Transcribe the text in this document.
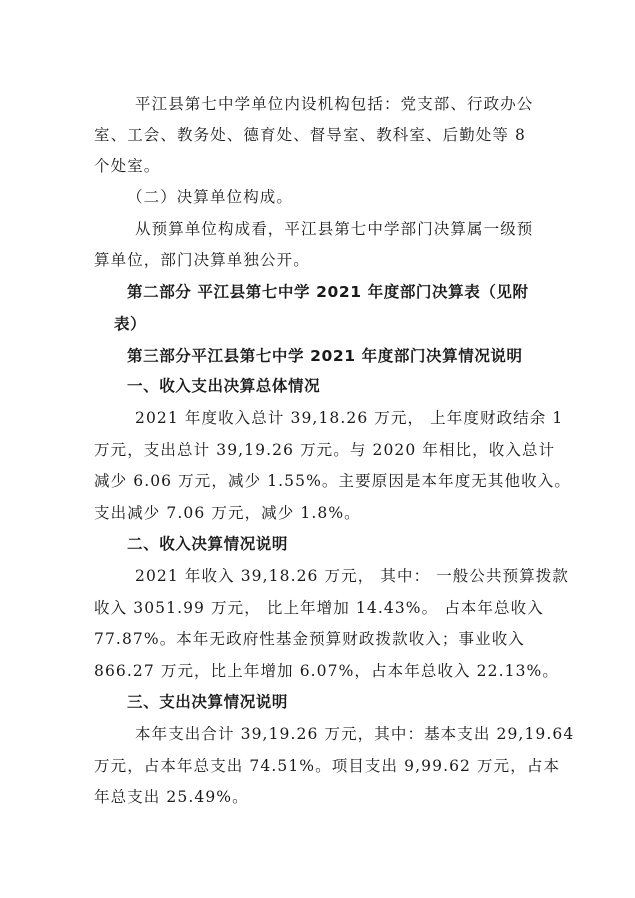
平江县第七中学单位内设机构包括：党支部、行政办公
室、工会、教务处、德育处、督导室、教科室、后勤处等 8
个处室。
（二）决算单位构成。
从预算单位构成看，平江县第七中学部门决算属一级预
算单位，部门决算单独公开。
第二部分 平江县第七中学 2021 年度部门决算表（见附
表）
第三部分平江县第七中学 2021 年度部门决算情况说明
一、收入支出决算总体情况
2021 年度收入总计 39,18.26 万元， 上年度财政结余 1
万元，支出总计 39,19.26 万元。与 2020 年相比，收入总计
减少 6.06 万元，减少 1.55%。主要原因是本年度无其他收入。
支出减少 7.06 万元，减少 1.8%。
二、收入决算情况说明
2021 年收入 39,18.26 万元， 其中： 一般公共预算拨款
收入 3051.99 万元， 比上年增加 14.43%。 占本年总收入
77.87%。本年无政府性基金预算财政拨款收入；事业收入
866.27 万元，比上年增加 6.07%，占本年总收入 22.13%。
三、支出决算情况说明
本年支出合计 39,19.26 万元，其中：基本支出 29,19.64
万元，占本年总支出 74.51%。项目支出 9,99.62 万元，占本
年总支出 25.49%。
